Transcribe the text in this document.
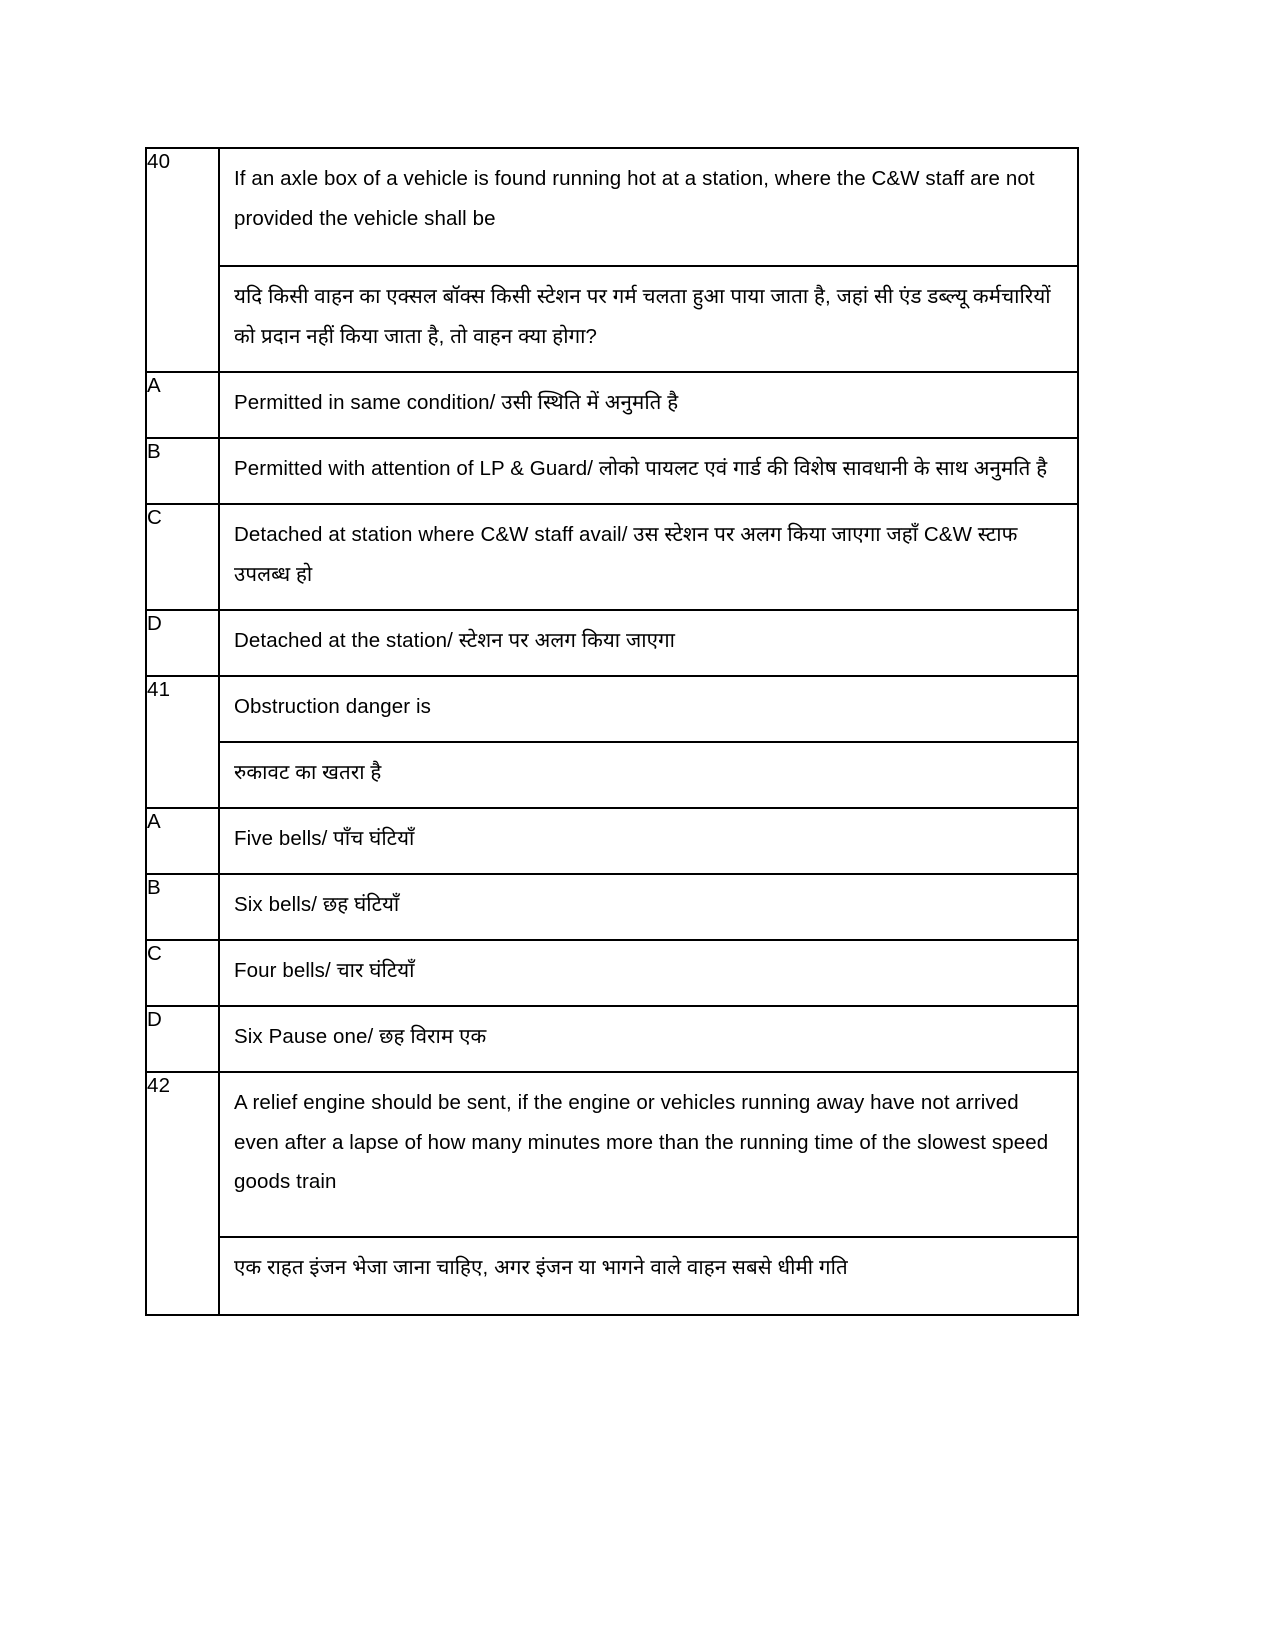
40	If an axle box of a vehicle is found running hot at a station, where the C&W staff are not provided the vehicle shall be
यदि किसी वाहन का एक्सल बॉक्स किसी स्टेशन पर गर्म चलता हुआ पाया जाता है, जहां सी एंड डब्ल्यू कर्मचारियों को प्रदान नहीं किया जाता है, तो वाहन क्या होगा?

A	Permitted in same condition/ उसी स्थिति में अनुमति है

B	Permitted with attention of LP & Guard/ लोको पायलट एवं गार्ड की विशेष सावधानी के साथ अनुमति है

C	Detached at station where C&W staff avail/ उस स्टेशन पर अलग किया जाएगा जहाँ C&W स्टाफ उपलब्ध हो

D	Detached at the station/ स्टेशन पर अलग किया जाएगा

41	Obstruction danger is
रुकावट का खतरा है

A	Five bells/ पाँच घंटियाँ

B	Six bells/ छह घंटियाँ

C	Four bells/ चार घंटियाँ

D	Six Pause one/ छह विराम एक

42	A relief engine should be sent, if the engine or vehicles running away have not arrived even after a lapse of how many minutes more than the running time of the slowest speed goods train
एक राहत इंजन भेजा जाना चाहिए, अगर इंजन या भागने वाले वाहन सबसे धीमी गति
